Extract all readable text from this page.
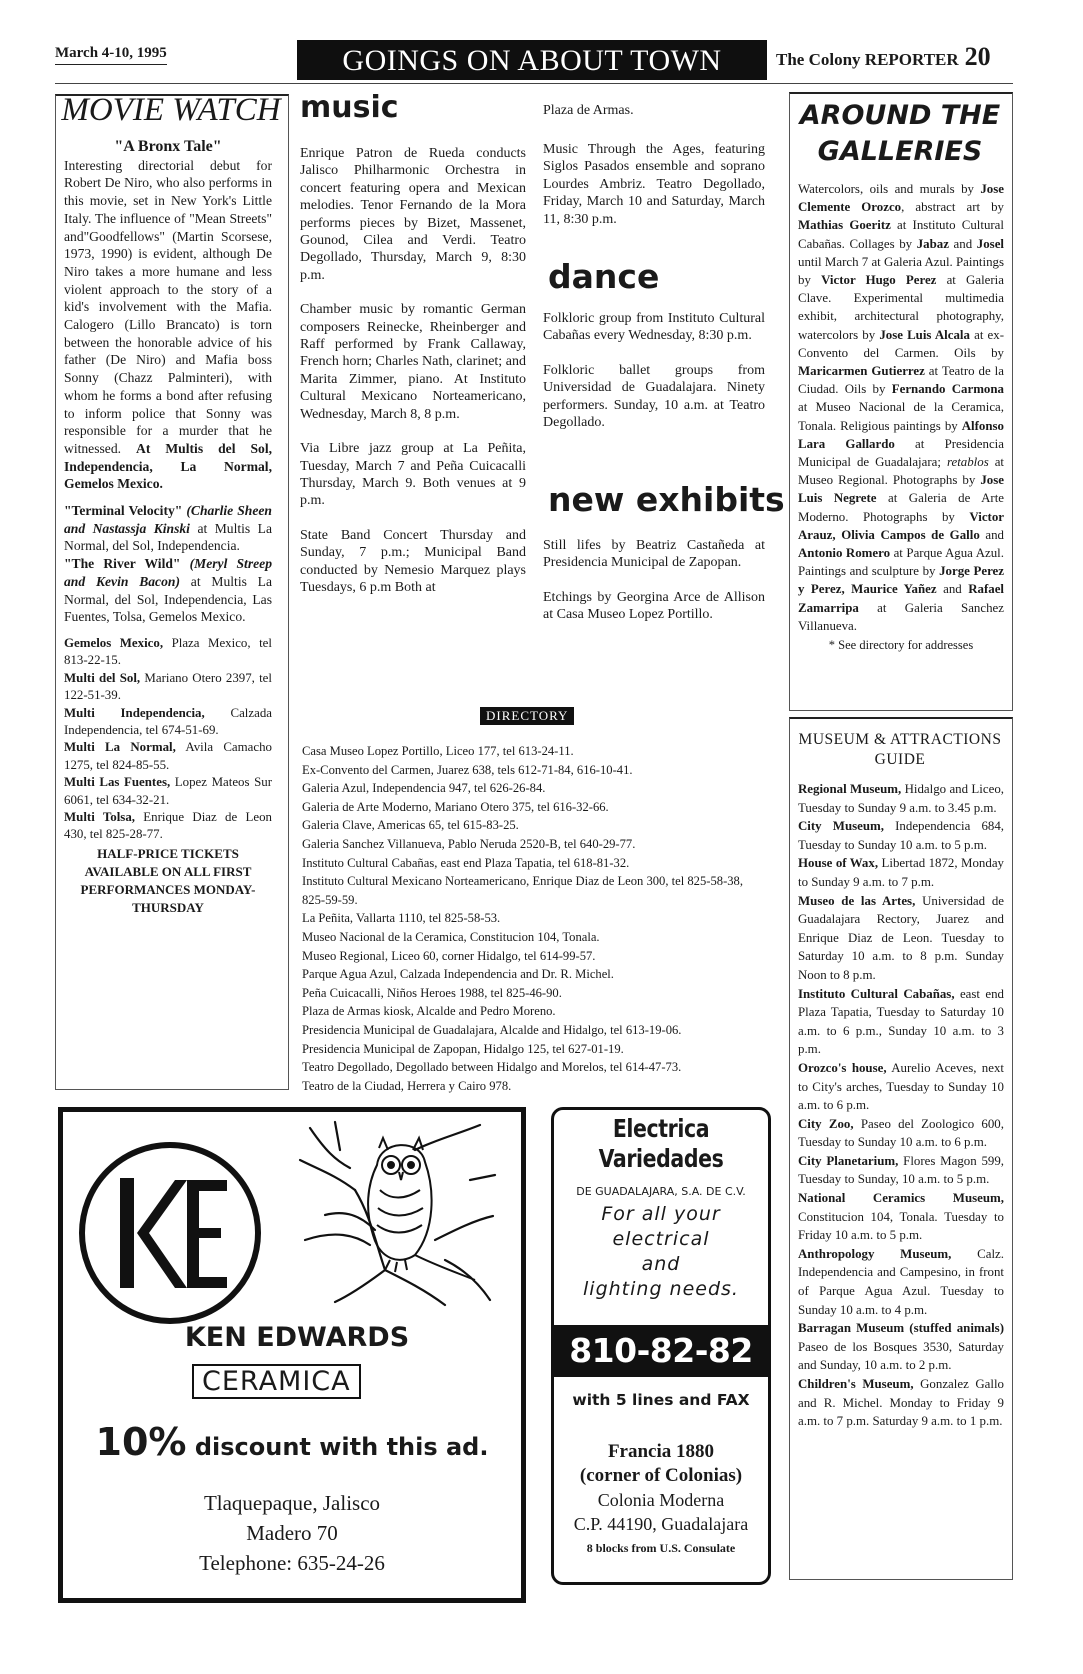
March 4-10, 1995	GOINGS ON ABOUT TOWN	The Colony REPORTER 20
MOVIE WATCH

"A Bronx Tale"

Interesting directorial debut for Robert De Niro, who also performs in this movie, set in New York's Little Italy. The influence of "Mean Streets" and"Goodfellows" (Martin Scorsese, 1973, 1990) is evident, although De Niro takes a more humane and less violent approach to the story of a kid's involvement with the Mafia. Calogero (Lillo Brancato) is torn between the honorable advice of his father (De Niro) and Mafia boss Sonny (Chazz Palminteri), with whom he forms a bond after refusing to inform police that Sonny was responsible for a murder that he witnessed. At Multis del Sol, Independencia, La Normal, Gemelos Mexico.

"Terminal Velocity" (Charlie Sheen and Nastassja Kinski at Multis La Normal, del Sol, Independencia.

"The River Wild" (Meryl Streep and Kevin Bacon) at Multis La Normal, del Sol, Independencia, Las Fuentes, Tolsa, Gemelos Mexico.

Gemelos Mexico, Plaza Mexico, tel 813-22-15.

Multi del Sol, Mariano Otero 2397, tel 122-51-39.

Multi Independencia, Calzada Independencia, tel 674-51-69.

Multi La Normal, Avila Camacho 1275, tel 824-85-55.

Multi Las Fuentes, Lopez Mateos Sur 6061, tel 634-32-21.

Multi Tolsa, Enrique Diaz de Leon 430, tel 825-28-77.

HALF-PRICE TICKETS AVAILABLE ON ALL FIRST PERFORMANCES MONDAY-THURSDAY

music

Enrique Patron de Rueda conducts Jalisco Philharmonic Orchestra in concert featuring opera and Mexican melodies. Tenor Fernando de la Mora performs pieces by Bizet, Massenet, Gounod, Cilea and Verdi. Teatro Degollado, Thursday, March 9, 8:30 p.m.

Chamber music by romantic German composers Reinecke, Rheinberger and Raff performed by Frank Callaway, French horn; Charles Nath, clarinet; and Marita Zimmer, piano. At Instituto Cultural Mexicano Norteamericano, Wednesday, March 8, 8 p.m.

Via Libre jazz group at La Peñita, Tuesday, March 7 and Peña Cuicacalli Thursday, March 9. Both venues at 9 p.m.

State Band Concert Thursday and Sunday, 7 p.m.; Municipal Band conducted by Nemesio Marquez plays Tuesdays, 6 p.m Both at

Plaza de Armas.
Music Through the Ages, featuring Siglos Pasados ensemble and soprano Lourdes Ambriz. Teatro Degollado, Friday, March 10 and Saturday, March 11, 8:30 p.m.
dance

Folkloric group from Instituto Cultural Cabañas every Wednesday, 8:30 p.m.

Folkloric ballet groups from Universidad de Guadalajara. Ninety performers. Sunday, 10 a.m. at Teatro Degollado.

new exhibits

Still lifes by Beatriz Castañeda at Presidencia Municipal de Zapopan.

Etchings by Georgina Arce de Allison at Casa Museo Lopez Portillo.

DIRECTORY
Casa Museo Lopez Portillo, Liceo 177, tel 613-24-11.
Ex-Convento del Carmen, Juarez 638, tels 612-71-84, 616-10-41.
Galeria Azul, Independencia 947, tel 626-26-84.
Galeria de Arte Moderno, Mariano Otero 375, tel 616-32-66.
Galeria Clave, Americas 65, tel 615-83-25.
Galeria Sanchez Villanueva, Pablo Neruda 2520-B, tel 640-29-77.
Instituto Cultural Cabañas, east end Plaza Tapatia, tel 618-81-32.
Instituto Cultural Mexicano Norteamericano, Enrique Diaz de Leon 300, tel 825-58-38, 825-59-59.
La Peñita, Vallarta 1110, tel 825-58-53.
Museo Nacional de la Ceramica, Constitucion 104, Tonala.
Museo Regional, Liceo 60, corner Hidalgo, tel 614-99-57.
Parque Agua Azul, Calzada Independencia and Dr. R. Michel.
Peña Cuicacalli, Niños Heroes 1988, tel 825-46-90.
Plaza de Armas kiosk, Alcalde and Pedro Moreno.
Presidencia Municipal de Guadalajara, Alcalde and Hidalgo, tel 613-19-06.
Presidencia Municipal de Zapopan, Hidalgo 125, tel 627-01-19.
Teatro Degollado, Degollado between Hidalgo and Morelos, tel 614-47-73.
Teatro de la Ciudad, Herrera y Cairo 978.
AROUND THE
GALLERIES
Watercolors, oils and murals by Jose Clemente Orozco, abstract art by Mathias Goeritz at Instituto Cultural Cabañas. Collages by Jabaz and Josel until March 7 at Galeria Azul. Paintings by Victor Hugo Perez at Galeria Clave. Experimental multimedia exhibit, architectural photography, watercolors by Jose Luis Alcala at ex-Convento del Carmen. Oils by Maricarmen Gutierrez at Teatro de la Ciudad. Oils by Fernando Carmona at Museo Nacional de la Ceramica, Tonala. Religious paintings by Alfonso Lara Gallardo at Presidencia Municipal de Guadalajara; retablos at Museo Regional. Photographs by Jose Luis Negrete at Galeria de Arte Moderno. Photographs by Victor Arauz, Olivia Campos de Gallo and Antonio Romero at Parque Agua Azul. Paintings and sculpture by Jorge Perez y Perez, Maurice Yañez and Rafael Zamarripa at Galeria Sanchez Villanueva.
* See directory for addresses
MUSEUM & ATTRACTIONS GUIDE
Regional Museum, Hidalgo and Liceo, Tuesday to Sunday 9 a.m. to 3.45 p.m.
City Museum, Independencia 684, Tuesday to Sunday 10 a.m. to 5 p.m.
House of Wax, Libertad 1872, Monday to Sunday 9 a.m. to 7 p.m.
Museo de las Artes, Universidad de Guadalajara Rectory, Juarez and Enrique Diaz de Leon. Tuesday to Saturday 10 a.m. to 8 p.m. Sunday Noon to 8 p.m.
Instituto Cultural Cabañas, east end Plaza Tapatia, Tuesday to Saturday 10 a.m. to 6 p.m., Sunday 10 a.m. to 3 p.m.
Orozco's house, Aurelio Aceves, next to City's arches, Tuesday to Sunday 10 a.m. to 6 p.m.
City Zoo, Paseo del Zoologico 600, Tuesday to Sunday 10 a.m. to 6 p.m.
City Planetarium, Flores Magon 599, Tuesday to Sunday, 10 a.m. to 5 p.m.
National Ceramics Museum, Constitucion 104, Tonala. Tuesday to Friday 10 a.m. to 5 p.m.
Anthropology Museum, Calz. Independencia and Campesino, in front of Parque Agua Azul. Tuesday to Sunday 10 a.m. to 4 p.m.
Barragan Museum (stuffed animals) Paseo de los Bosques 3530, Saturday and Sunday, 10 a.m. to 2 p.m.
Children's Museum, Gonzalez Gallo and R. Michel. Monday to Friday 9 a.m. to 7 p.m. Saturday 9 a.m. to 1 p.m.
KEN EDWARDS
CERAMICA
10% discount with this ad.
Tlaquepaque, Jalisco
Madero 70
Telephone: 635-24-26
Electrica
Variedades
DE GUADALAJARA, S.A. DE C.V.
For all your
electrical
and
lighting needs.
810-82-82
with 5 lines and FAX
Francia 1880
(corner of Colonias)
Colonia Moderna
C.P. 44190, Guadalajara
8 blocks from U.S. Consulate
